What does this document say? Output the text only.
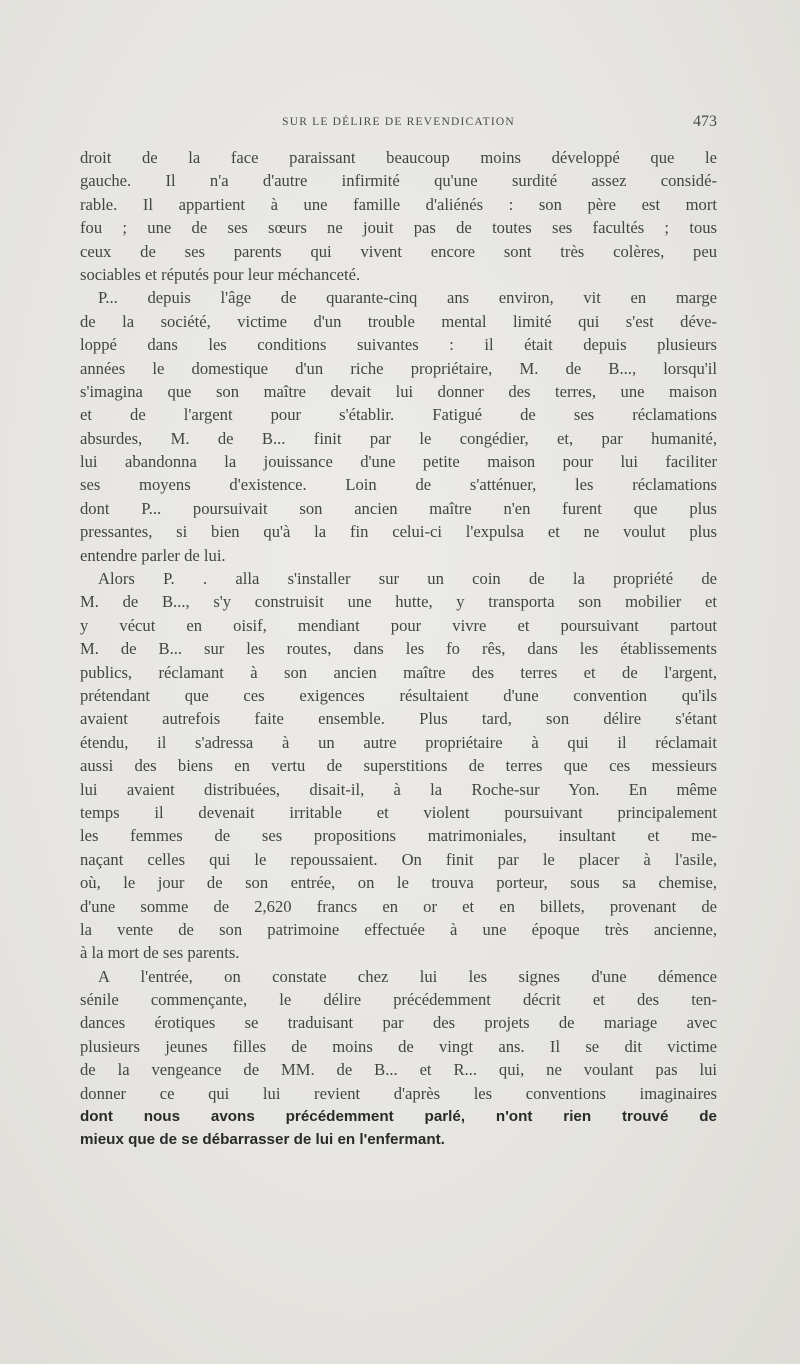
SUR LE DÉLIRE DE REVENDICATION	473
droit de la face paraissant beaucoup moins développé que le
gauche. Il n'a d'autre infirmité qu'une surdité assez considé-
rable. Il appartient à une famille d'aliénés : son père est mort
fou ; une de ses sœurs ne jouit pas de toutes ses facultés ; tous
ceux de ses parents qui vivent encore sont très colères, peu
sociables et réputés pour leur méchanceté.
P... depuis l'âge de quarante-cinq ans environ, vit en marge
de la société, victime d'un trouble mental limité qui s'est déve-
loppé dans les conditions suivantes : il était depuis plusieurs
années le domestique d'un riche propriétaire, M. de B..., lorsqu'il
s'imagina que son maître devait lui donner des terres, une maison
et de l'argent pour s'établir. Fatigué de ses réclamations
absurdes, M. de B... finit par le congédier, et, par humanité,
lui abandonna la jouissance d'une petite maison pour lui faciliter
ses moyens d'existence. Loin de s'atténuer, les réclamations
dont P... poursuivait son ancien maître n'en furent que plus
pressantes, si bien qu'à la fin celui-ci l'expulsa et ne voulut plus
entendre parler de lui.
Alors P. . alla s'installer sur un coin de la propriété de
M. de B..., s'y construisit une hutte, y transporta son mobilier et
y vécut en oisif, mendiant pour vivre et poursuivant partout
M. de B... sur les routes, dans les fo rês, dans les établissements
publics, réclamant à son ancien maître des terres et de l'argent,
prétendant que ces exigences résultaient d'une convention qu'ils
avaient autrefois faite ensemble. Plus tard, son délire s'étant
étendu, il s'adressa à un autre propriétaire à qui il réclamait
aussi des biens en vertu de superstitions de terres que ces messieurs
lui avaient distribuées, disait-il, à la Roche-sur Yon. En même
temps il devenait irritable et violent poursuivant principalement
les femmes de ses propositions matrimoniales, insultant et me-
naçant celles qui le repoussaient. On finit par le placer à l'asile,
où, le jour de son entrée, on le trouva porteur, sous sa chemise,
d'une somme de 2,620 francs en or et en billets, provenant de
la vente de son patrimoine effectuée à une époque très ancienne,
à la mort de ses parents.
A l'entrée, on constate chez lui les signes d'une démence
sénile commençante, le délire précédemment décrit et des ten-
dances érotiques se traduisant par des projets de mariage avec
plusieurs jeunes filles de moins de vingt ans. Il se dit victime
de la vengeance de MM. de B... et R... qui, ne voulant pas lui
donner ce qui lui revient d'après les conventions imaginaires
dont nous avons précédemment parlé, n'ont rien trouvé de
mieux que de se débarrasser de lui en l'enfermant.
